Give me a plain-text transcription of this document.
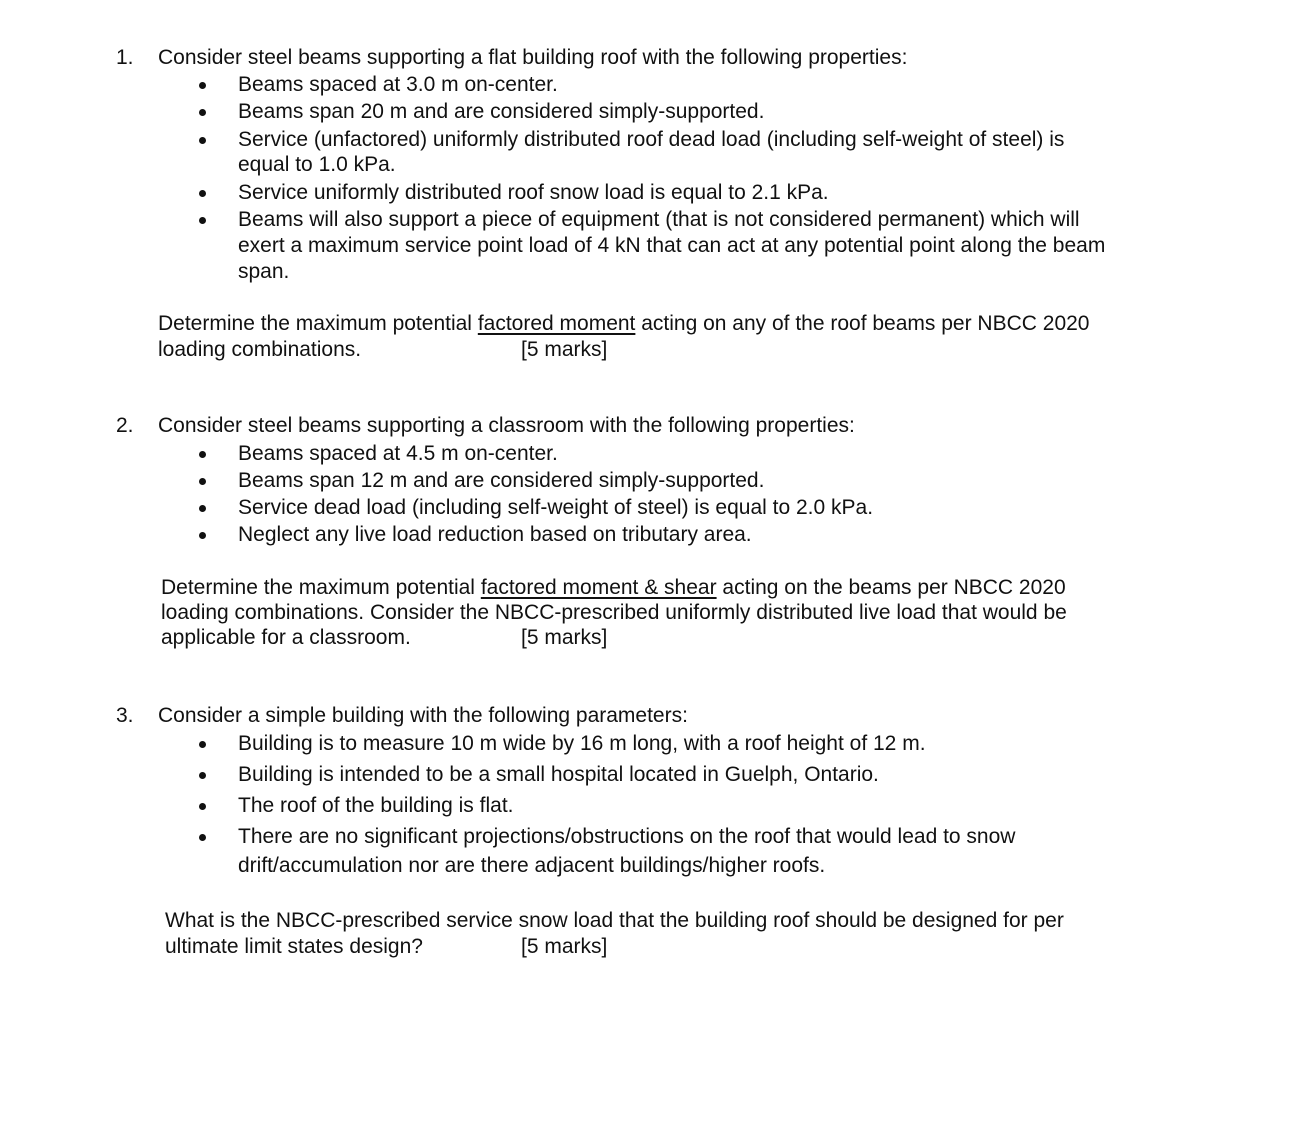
1. Consider steel beams supporting a flat building roof with the following properties:
Beams spaced at 3.0 m on-center.
Beams span 20 m and are considered simply-supported.
Service (unfactored) uniformly distributed roof dead load (including self-weight of steel) is
equal to 1.0 kPa.
Service uniformly distributed roof snow load is equal to 2.1 kPa.
Beams will also support a piece of equipment (that is not considered permanent) which will
exert a maximum service point load of 4 kN that can act at any potential point along the beam
span.
Determine the maximum potential factored moment acting on any of the roof beams per NBCC 2020
loading combinations.	[5 marks]
2. Consider steel beams supporting a classroom with the following properties:
Beams spaced at 4.5 m on-center.
Beams span 12 m and are considered simply-supported.
Service dead load (including self-weight of steel) is equal to 2.0 kPa.
Neglect any live load reduction based on tributary area.
Determine the maximum potential factored moment & shear acting on the beams per NBCC 2020
loading combinations. Consider the NBCC-prescribed uniformly distributed live load that would be
applicable for a classroom.	[5 marks]
3. Consider a simple building with the following parameters:
Building is to measure 10 m wide by 16 m long, with a roof height of 12 m.
Building is intended to be a small hospital located in Guelph, Ontario.
The roof of the building is flat.
There are no significant projections/obstructions on the roof that would lead to snow
drift/accumulation nor are there adjacent buildings/higher roofs.
What is the NBCC-prescribed service snow load that the building roof should be designed for per
ultimate limit states design?	[5 marks]
